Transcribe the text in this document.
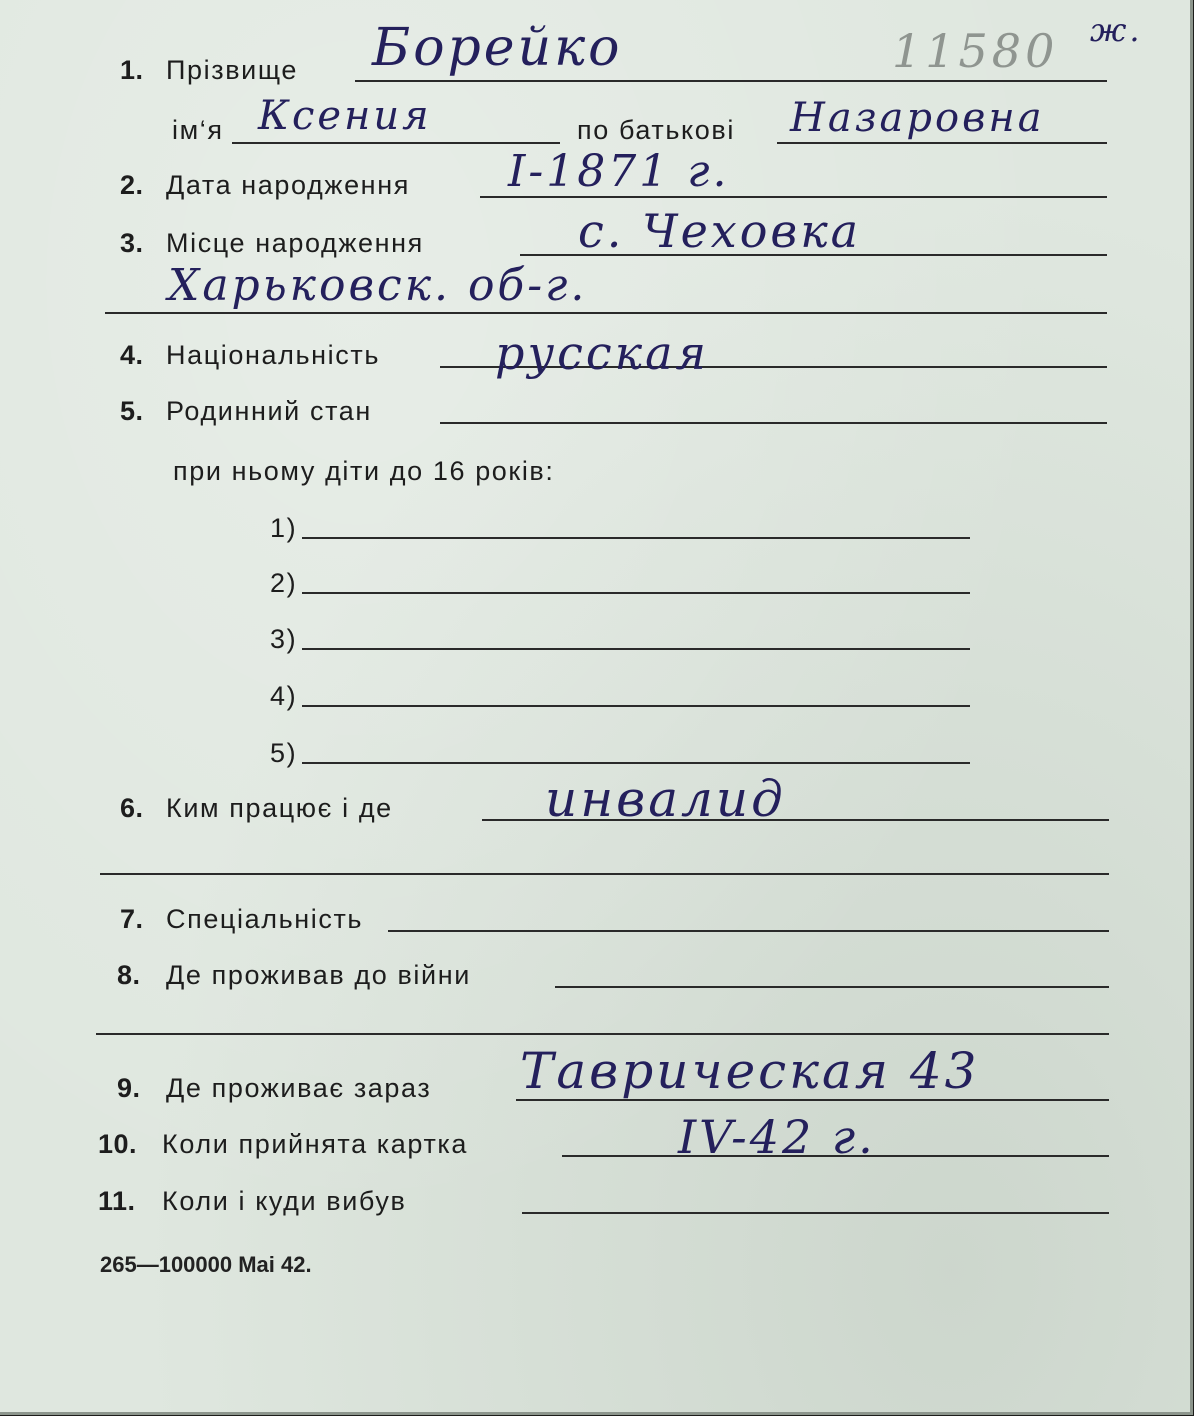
1. Прізвище Борейко	11580 ж.
ім‘я Ксения	по батькові Назаровна
2. Дата народження I-1871 г.
3. Місце народження	с. Чеховка
Харьковск. об-г.
4. Національність	русская
5. Родинний стан
при ньому діти до 16 років:
1)
2)
3)
4)
5)
6. Ким працює і де	инвалид
7. Спеціальність
8. Де проживав до війни
9. Де проживає зараз Таврическая 43
10. Коли прийнята картка	IV-42 г.
11. Коли і куди вибув
265—100000 Mai 42.
